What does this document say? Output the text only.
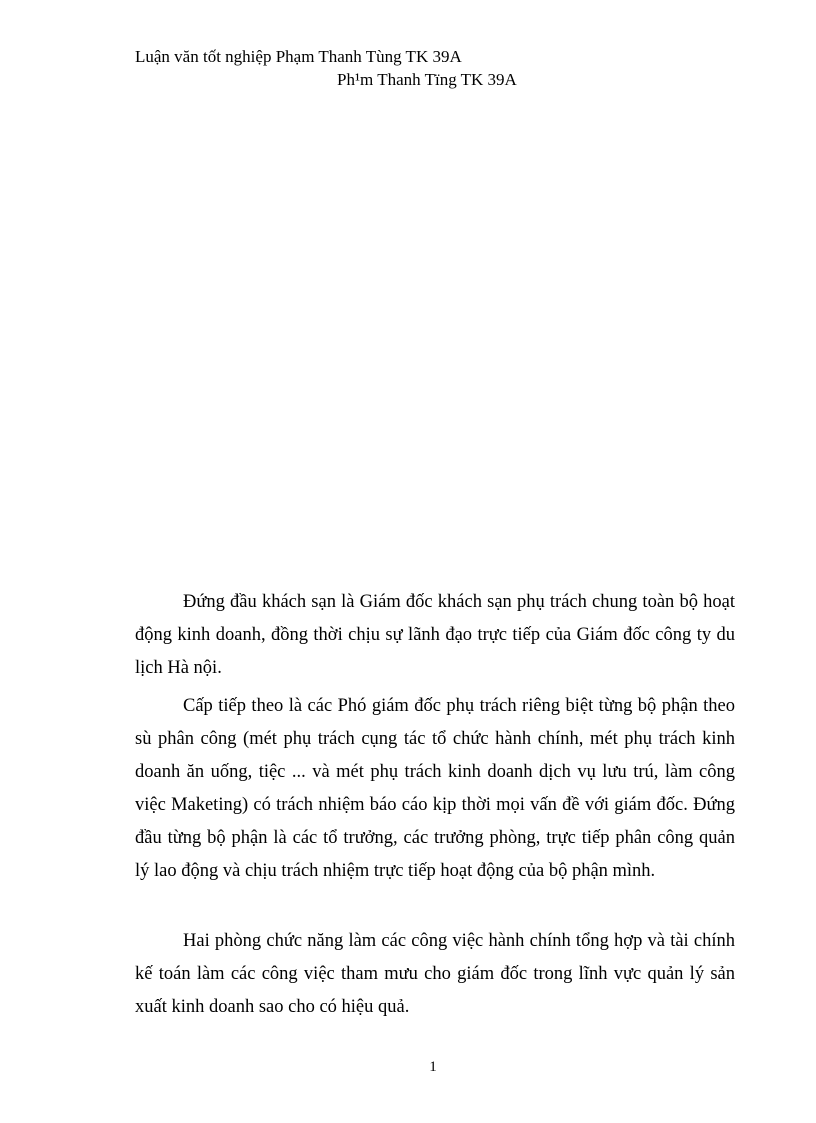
Luận văn tốt nghiệp Phạm Thanh Tùng TK 39A
Ph¹m Thanh Tïng TK 39A

Đứng đầu khách sạn là Giám đốc khách sạn phụ trách chung toàn bộ hoạt động kinh doanh, đồng thời chịu sự lãnh đạo trực tiếp của Giám đốc công ty du lịch Hà nội.

Cấp tiếp theo là các Phó giám đốc phụ trách riêng biệt từng bộ phận theo sù phân công (mét phụ trách cụng tác tổ chức hành chính, mét phụ trách kinh doanh ăn uống, tiệc ... và mét phụ trách kinh doanh dịch vụ lưu trú, làm công việc Maketing) có trách nhiệm báo cáo kịp thời mọi vấn đề với giám đốc. Đứng đầu từng bộ phận là các tổ trưởng, các trưởng phòng, trực tiếp phân công quản lý lao động và chịu trách nhiệm trực tiếp hoạt động của bộ phận mình.

Hai phòng chức năng làm các công việc hành chính tổng hợp và tài chính kế toán làm các công việc tham mưu cho giám đốc trong lĩnh vực quản lý sản xuất kinh doanh sao cho có hiệu quả.

1
